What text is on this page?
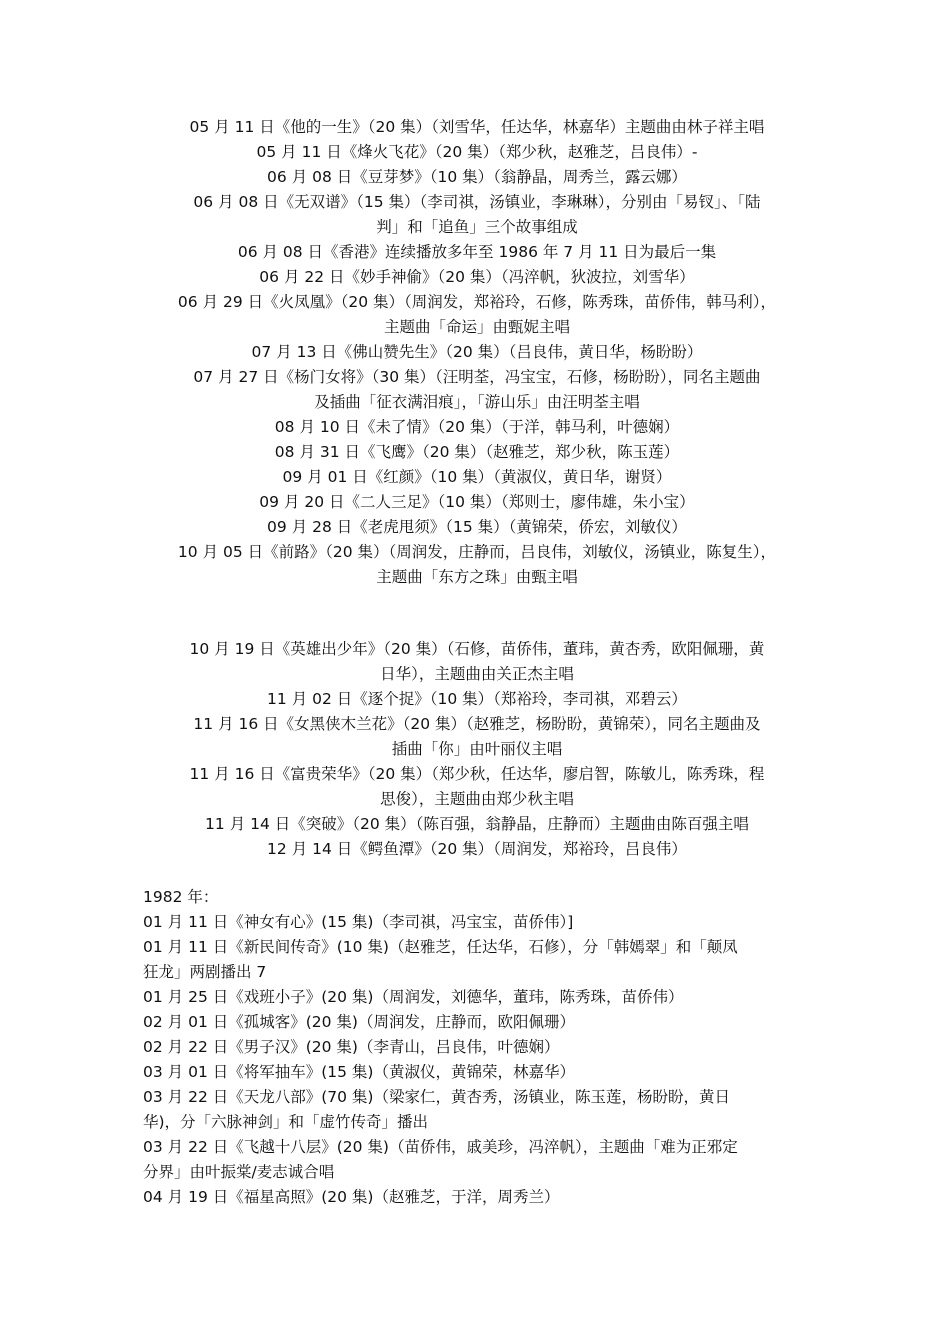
05 月 11 日《他的一生》（20 集）（刘雪华，任达华，林嘉华）主题曲由林子祥主唱
05 月 11 日《烽火飞花》（20 集）（郑少秋，赵雅芝，吕良伟）-
06 月 08 日《豆芽梦》（10 集）（翁静晶，周秀兰，露云娜）
06 月 08 日《无双谱》（15 集）（李司祺，汤镇业，李琳琳），分别由「易钗」、「陆
判」和「追鱼」三个故事组成
06 月 08 日《香港》连续播放多年至 1986 年 7 月 11 日为最后一集
06 月 22 日《妙手神偷》（20 集）（冯淬帆，狄波拉，刘雪华）
06 月 29 日《火凤凰》（20 集）（周润发，郑裕玲，石修，陈秀珠，苗侨伟，韩马利），
主题曲「命运」由甄妮主唱
07 月 13 日《佛山赞先生》（20 集）（吕良伟，黄日华，杨盼盼）
07 月 27 日《杨门女将》（30 集）（汪明荃，冯宝宝，石修，杨盼盼），同名主题曲
及插曲「征衣满泪痕」，「游山乐」由汪明荃主唱
08 月 10 日《未了情》（20 集）（于洋，韩马利，叶德娴）
08 月 31 日《飞鹰》（20 集）（赵雅芝，郑少秋，陈玉莲）
09 月 01 日《红颜》（10 集）（黄淑仪，黄日华，谢贤）
09 月 20 日《二人三足》（10 集）（郑则士，廖伟雄，朱小宝）
09 月 28 日《老虎甩须》（15 集）（黄锦荣，侨宏，刘敏仪）
10 月 05 日《前路》（20 集）（周润发，庄静而，吕良伟，刘敏仪，汤镇业，陈复生），
主题曲「东方之珠」由甄主唱
10 月 19 日《英雄出少年》（20 集）（石修，苗侨伟，董玮，黄杏秀，欧阳佩珊，黄
日华），主题曲由关正杰主唱
11 月 02 日《逐个捉》（10 集）（郑裕玲，李司祺，邓碧云）
11 月 16 日《女黑侠木兰花》（20 集）（赵雅芝，杨盼盼，黄锦荣），同名主题曲及
插曲「你」由叶丽仪主唱
11 月 16 日《富贵荣华》（20 集）（郑少秋，任达华，廖启智，陈敏儿，陈秀珠，程
思俊），主题曲由郑少秋主唱
11 月 14 日《突破》（20 集）（陈百强，翁静晶，庄静而）主题曲由陈百强主唱
12 月 14 日《鳄鱼潭》（20 集）（周润发，郑裕玲，吕良伟）
1982 年：
01 月 11 日《神女有心》(15 集)（李司祺，冯宝宝，苗侨伟）]
01 月 11 日《新民间传奇》(10 集)（赵雅芝，任达华，石修），分「韩嫣翠」和「颠凤
狂龙」两剧播出 7
01 月 25 日《戏班小子》(20 集)（周润发，刘德华，董玮，陈秀珠，苗侨伟）
02 月 01 日《孤城客》(20 集)（周润发，庄静而，欧阳佩珊）
02 月 22 日《男子汉》(20 集)（李青山，吕良伟，叶德娴）
03 月 01 日《将军抽车》(15 集)（黄淑仪，黄锦荣，林嘉华）
03 月 22 日《天龙八部》(70 集)（梁家仁，黄杏秀，汤镇业，陈玉莲，杨盼盼，黄日
华)，分「六脉神剑」和「虚竹传奇」播出
03 月 22 日《飞越十八层》(20 集)（苗侨伟，戚美珍，冯淬帆），主题曲「难为正邪定
分界」由叶振棠/麦志诚合唱
04 月 19 日《福星高照》(20 集)（赵雅芝，于洋，周秀兰）
